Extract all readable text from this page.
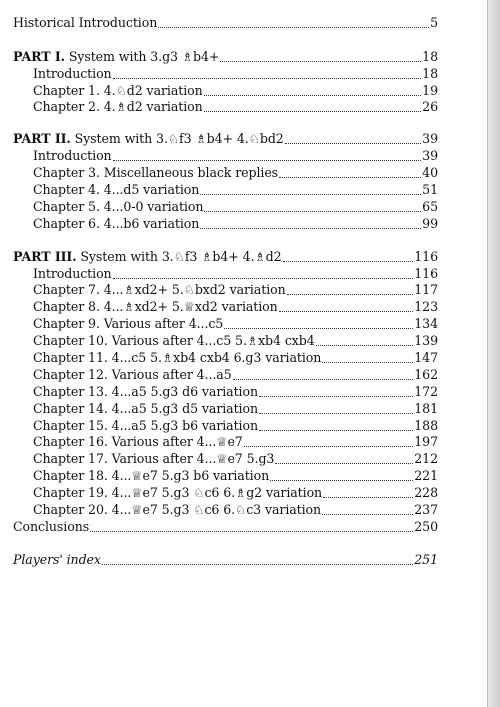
Historical Introduction	5
PART I. System with 3.g3 ♗b4+	18
Introduction	18
Chapter 1. 4.♘d2 variation	19
Chapter 2. 4.♗d2 variation	26
PART II. System with 3.♘f3 ♗b4+ 4.♘bd2	39
Introduction	39
Chapter 3. Miscellaneous black replies	40
Chapter 4. 4...d5 variation	51
Chapter 5. 4...0-0 variation	65
Chapter 6. 4...b6 variation	99
PART III. System with 3.♘f3 ♗b4+ 4.♗d2	116
Introduction	116
Chapter 7. 4...♗xd2+ 5.♘bxd2 variation	117
Chapter 8. 4...♗xd2+ 5.♕xd2 variation	123
Chapter 9. Various after 4...c5	134
Chapter 10. Various after 4...c5 5.♗xb4 cxb4	139
Chapter 11. 4...c5 5.♗xb4 cxb4 6.g3 variation	147
Chapter 12. Various after 4...a5	162
Chapter 13. 4...a5 5.g3 d6 variation	172
Chapter 14. 4...a5 5.g3 d5 variation	181
Chapter 15. 4...a5 5.g3 b6 variation	188
Chapter 16. Various after 4...♕e7	197
Chapter 17. Various after 4...♕e7 5.g3	212
Chapter 18. 4...♕e7 5.g3 b6 variation	221
Chapter 19. 4...♕e7 5.g3 ♘c6 6.♗g2 variation	228
Chapter 20. 4...♕e7 5.g3 ♘c6 6.♘c3 variation	237
Conclusions	250
Players' index	251
